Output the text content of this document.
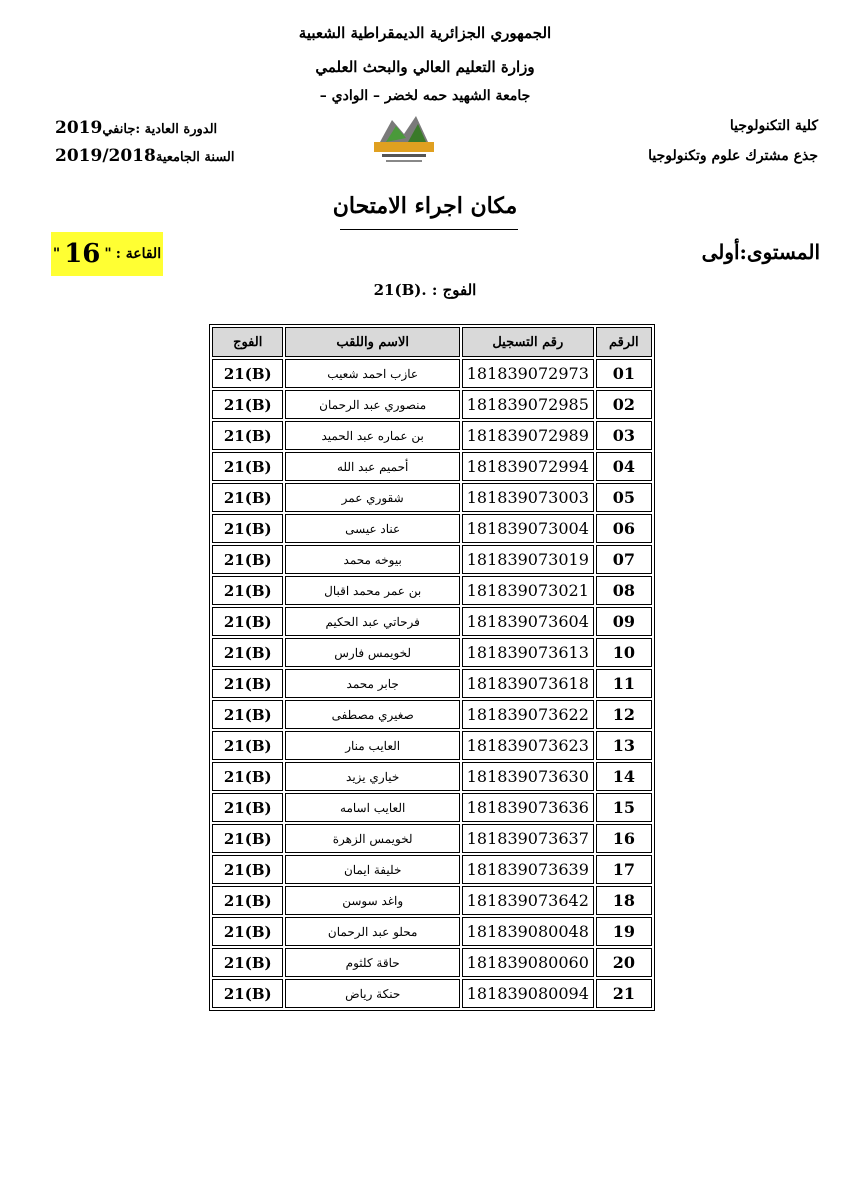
الجمهوري الجزائرية الديمقراطية الشعبية
وزارة التعليم العالي والبحث العلمي
جامعة الشهيد حمه لخضر – الوادي –
كلية التكنولوجيا
جذع مشترك علوم وتكنولوجيا
الدورة العادية :جانفي2019
السنة الجامعية2019/2018
مكان اجراء الامتحان
المستوى:أولى
القاعة :
"
16
"
الفوج : 21(B).
الرقم	رقم التسجيل	الاسم واللقب	الفوج
01	181839072973	عازب احمد شعيب	21(B)
02	181839072985	منصوري عبد الرحمان	21(B)
03	181839072989	بن عماره عبد الحميد	21(B)
04	181839072994	أحميم عبد الله	21(B)
05	181839073003	شقوري عمر	21(B)
06	181839073004	عناد عيسى	21(B)
07	181839073019	بيوخه محمد	21(B)
08	181839073021	بن عمر محمد اقبال	21(B)
09	181839073604	فرحاتي عبد الحكيم	21(B)
10	181839073613	لخويمس فارس	21(B)
11	181839073618	جابر محمد	21(B)
12	181839073622	صغيري مصطفى	21(B)
13	181839073623	العايب منار	21(B)
14	181839073630	خياري يزيد	21(B)
15	181839073636	العايب اسامه	21(B)
16	181839073637	لخويمس الزهرة	21(B)
17	181839073639	خليفة ايمان	21(B)
18	181839073642	واغد سوسن	21(B)
19	181839080048	محلو عبد الرحمان	21(B)
20	181839080060	حاقة كلثوم	21(B)
21	181839080094	حنكة رياض	21(B)
